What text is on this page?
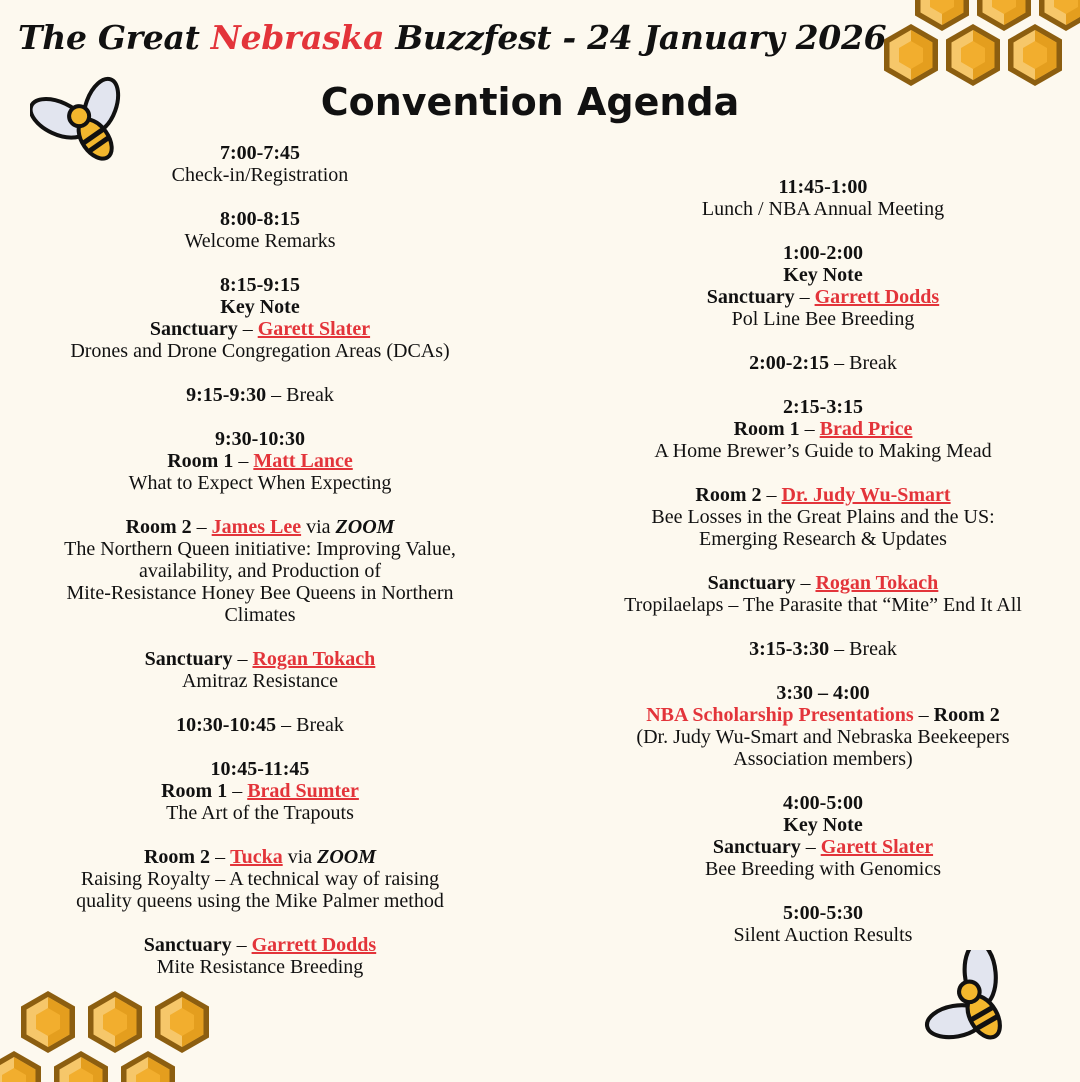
The Great Nebraska Buzzfest - 24 January 2026
Convention Agenda
7:00-7:45
Check-in/Registration
8:00-8:15
Welcome Remarks
8:15-9:15
Key Note
Sanctuary – Garett Slater
Drones and Drone Congregation Areas (DCAs)
9:15-9:30 – Break
9:30-10:30
Room 1 – Matt Lance
What to Expect When Expecting
Room 2 – James Lee via ZOOM
The Northern Queen initiative: Improving Value,
availability, and Production of
Mite-Resistance Honey Bee Queens in Northern
Climates
Sanctuary – Rogan Tokach
Amitraz Resistance
10:30-10:45 – Break
10:45-11:45
Room 1 – Brad Sumter
The Art of the Trapouts
Room 2 – Tucka via ZOOM
Raising Royalty – A technical way of raising
quality queens using the Mike Palmer method
Sanctuary – Garrett Dodds
Mite Resistance Breeding
11:45-1:00
Lunch / NBA Annual Meeting
1:00-2:00
Key Note
Sanctuary – Garrett Dodds
Pol Line Bee Breeding
2:00-2:15 – Break
2:15-3:15
Room 1 – Brad Price
A Home Brewer’s Guide to Making Mead
Room 2 – Dr. Judy Wu-Smart
Bee Losses in the Great Plains and the US:
Emerging Research & Updates
Sanctuary – Rogan Tokach
Tropilaelaps – The Parasite that “Mite” End It All
3:15-3:30 – Break
3:30 – 4:00
NBA Scholarship Presentations – Room 2
(Dr. Judy Wu-Smart and Nebraska Beekeepers
Association members)
4:00-5:00
Key Note
Sanctuary – Garett Slater
Bee Breeding with Genomics
5:00-5:30
Silent Auction Results
